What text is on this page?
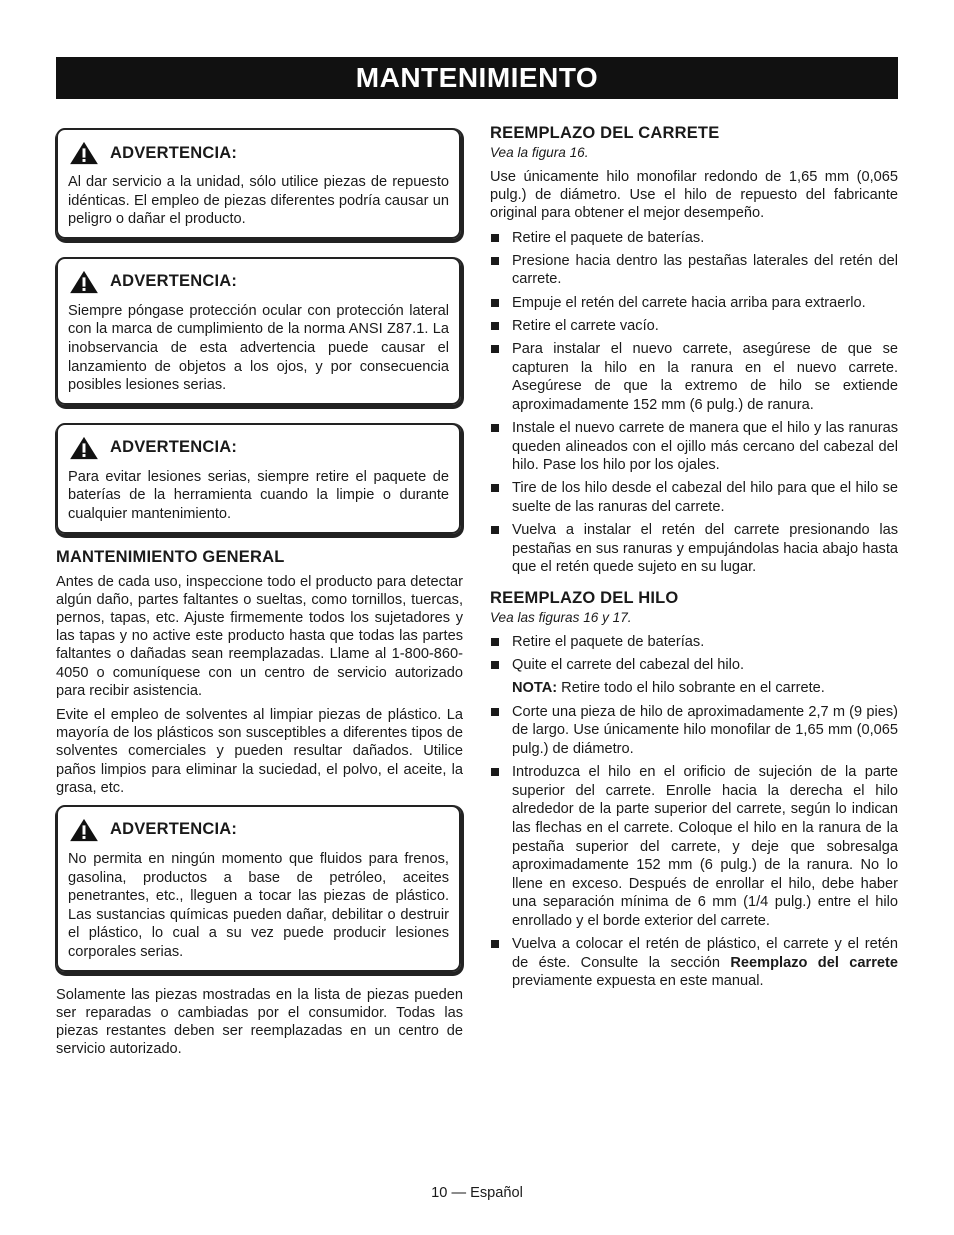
MANTENIMIENTO
ADVERTENCIA:
Al dar servicio a la unidad, sólo utilice piezas de repuesto idénticas. El empleo de piezas diferentes podría causar un peligro o dañar el producto.
ADVERTENCIA:
Siempre póngase protección ocular con protección lateral con la marca de cumplimiento de la norma ANSI Z87.1. La inobservancia de esta advertencia puede causar el lanzamiento de objetos a los ojos, y por consecuencia posibles lesiones serias.
ADVERTENCIA:
Para evitar lesiones serias, siempre retire el paquete de baterías de la herramienta cuando la limpie o durante cualquier mantenimiento.
MANTENIMIENTO GENERAL

Antes de cada uso, inspeccione todo el producto para detectar algún daño, partes faltantes o sueltas, como tornillos, tuercas, pernos, tapas, etc. Ajuste firmemente todos los sujetadores y las tapas y no active este producto hasta que todas las partes faltantes o dañadas sean reemplazadas. Llame al 1-800-860-4050 o comuníquese con un centro de servicio autorizado para recibir asistencia.

Evite el empleo de solventes al limpiar piezas de plástico. La mayoría de los plásticos son susceptibles a diferentes tipos de solventes comerciales y pueden resultar dañados. Utilice paños limpios para eliminar la suciedad, el polvo, el aceite, la grasa, etc.

ADVERTENCIA:
No permita en ningún momento que fluidos para frenos, gasolina, productos a base de petróleo, aceites penetrantes, etc., lleguen a tocar las piezas de plástico. Las sustancias químicas pueden dañar, debilitar o destruir el plástico, lo cual a su vez puede producir lesiones corporales serias.

Solamente las piezas mostradas en la lista de piezas pueden ser reparadas o cambiadas por el consumidor. Todas las piezas restantes deben ser reemplazadas en un centro de servicio autorizado.

REEMPLAZO DEL CARRETE
Vea la figura 16.

Use únicamente hilo monofilar redondo de 1,65 mm (0,065 pulg.) de diámetro. Use el hilo de repuesto del fabricante original para obtener el mejor desempeño.

Retire el paquete de baterías.
Presione hacia dentro las pestañas laterales del retén del carrete.
Empuje el retén del carrete hacia arriba para extraerlo.
Retire el carrete vacío.
Para instalar el nuevo carrete, asegúrese de que se capturen la hilo en la ranura en el nuevo carrete. Asegúrese de que la extremo de hilo se extiende aproximadamente 152 mm (6 pulg.) de ranura.
Instale el nuevo carrete de manera que el hilo y las ranuras queden alineados con el ojillo más cercano del cabezal del hilo. Pase los hilo por los ojales.
Tire de los hilo desde el cabezal del hilo para que el hilo se suelte de las ranuras del carrete.
Vuelva a instalar el retén del carrete presionando las pestañas en sus ranuras y empujándolas hacia abajo hasta que el retén quede sujeto en su lugar.
REEMPLAZO DEL HILO
Vea las figuras 16 y 17.
Retire el paquete de baterías.
Quite el carrete del cabezal del hilo.
NOTA: Retire todo el hilo sobrante en el carrete.
Corte una pieza de hilo de aproximadamente 2,7 m (9 pies) de largo. Use únicamente hilo monofilar de 1,65 mm (0,065 pulg.) de diámetro.
Introduzca el hilo en el orificio de sujeción de la parte superior del carrete. Enrolle hacia la derecha el hilo alrededor de la parte superior del carrete, según lo indican las flechas en el carrete. Coloque el hilo en la ranura de la pestaña superior del carrete, y deje que sobresalga aproximadamente 152 mm (6 pulg.) de la ranura. No lo llene en exceso. Después de enrollar el hilo, debe haber una separación mínima de 6 mm (1/4 pulg.) entre el hilo enrollado y el borde exterior del carrete.
Vuelva a colocar el retén de plástico, el carrete y el retén de éste. Consulte la sección Reemplazo del carrete previamente expuesta en este manual.
10 — Español
